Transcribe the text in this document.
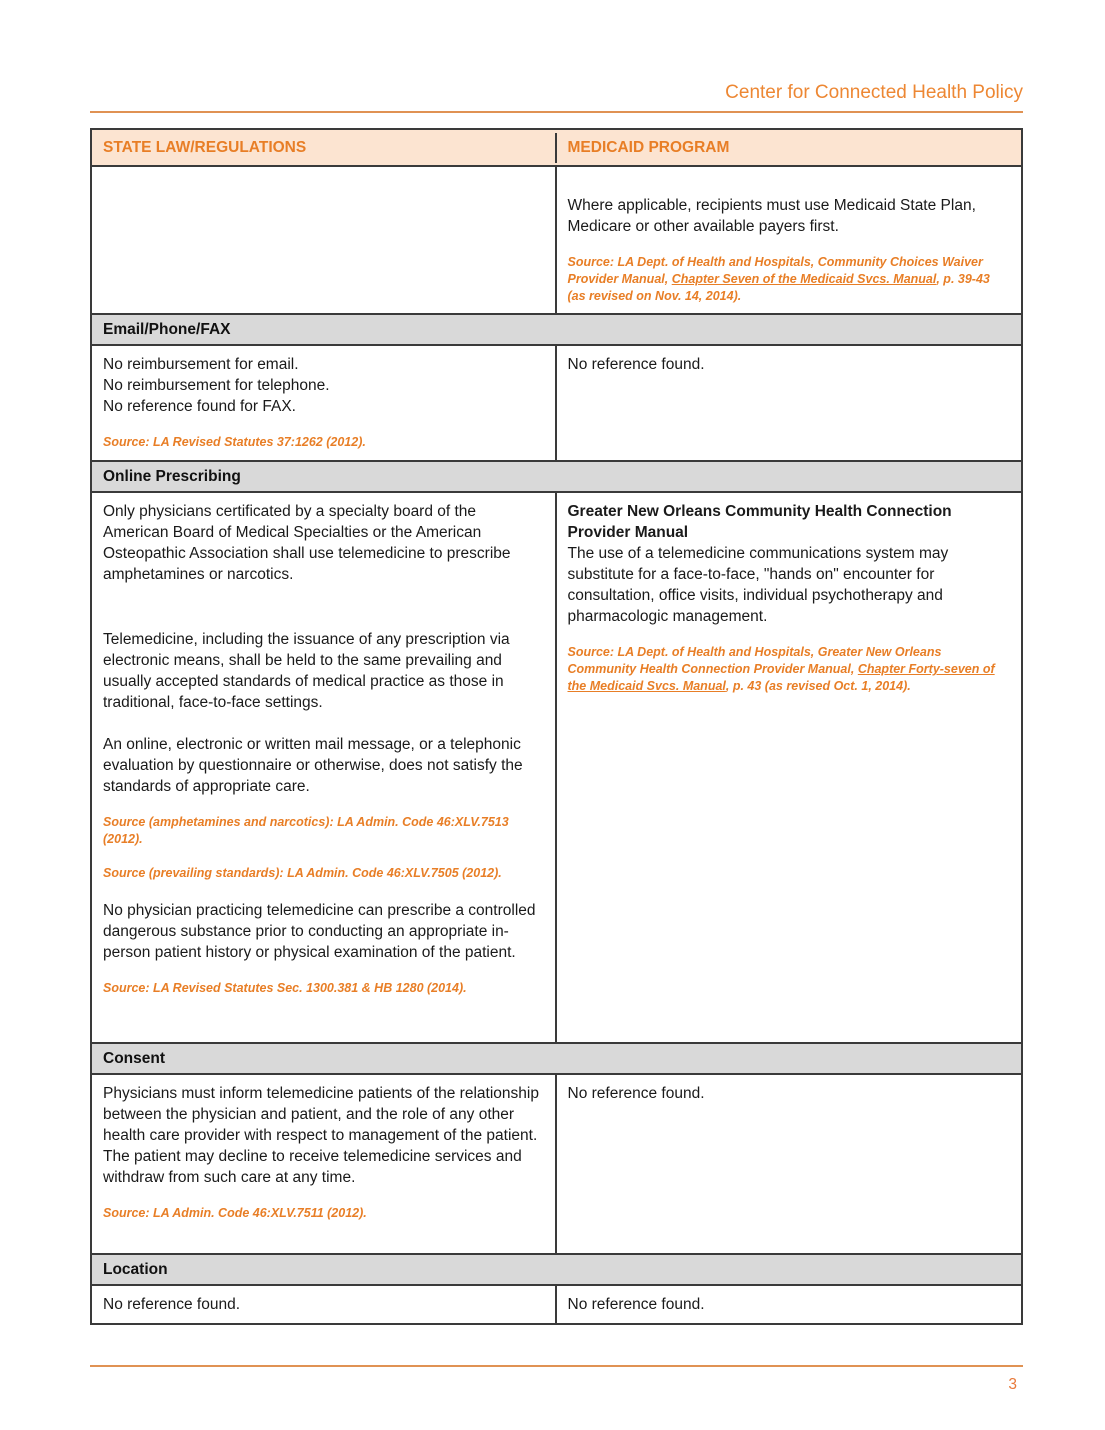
Center for Connected Health Policy
STATE LAW/REGULATIONS	MEDICAID PROGRAM

Where applicable, recipients must use Medicaid State Plan, Medicare or other available payers first.

Source: LA Dept. of Health and Hospitals, Community Choices Waiver Provider Manual, Chapter Seven of the Medicaid Svcs. Manual, p. 39-43 (as revised on Nov. 14, 2014).

Email/Phone/FAX

No reimbursement for email.

No reimbursement for telephone.

No reference found for FAX.

Source: LA Revised Statutes 37:1262 (2012).

No reference found.

Online Prescribing

Only physicians certificated by a specialty board of the American Board of Medical Specialties or the American Osteopathic Association shall use telemedicine to prescribe amphetamines or narcotics.

Telemedicine, including the issuance of any prescription via electronic means, shall be held to the same prevailing and usually accepted standards of medical practice as those in traditional, face-to-face settings.

An online, electronic or written mail message, or a telephonic evaluation by questionnaire or otherwise, does not satisfy the standards of appropriate care.

Source (amphetamines and narcotics): LA Admin. Code 46:XLV.7513 (2012).

Source (prevailing standards): LA Admin. Code 46:XLV.7505 (2012).

No physician practicing telemedicine can prescribe a controlled dangerous substance prior to conducting an appropriate in-person patient history or physical examination of the patient.

Source: LA Revised Statutes Sec. 1300.381 & HB 1280 (2014).

Greater New Orleans Community Health Connection Provider Manual

The use of a telemedicine communications system may substitute for a face-to-face, "hands on" encounter for consultation, office visits, individual psychotherapy and pharmacologic management.

Source: LA Dept. of Health and Hospitals, Greater New Orleans Community Health Connection Provider Manual, Chapter Forty-seven of the Medicaid Svcs. Manual, p. 43 (as revised Oct. 1, 2014).

Consent

Physicians must inform telemedicine patients of the relationship between the physician and patient, and the role of any other health care provider with respect to management of the patient. The patient may decline to receive telemedicine services and withdraw from such care at any time.

Source: LA Admin. Code 46:XLV.7511 (2012).

No reference found.

Location

No reference found.	No reference found.

3
